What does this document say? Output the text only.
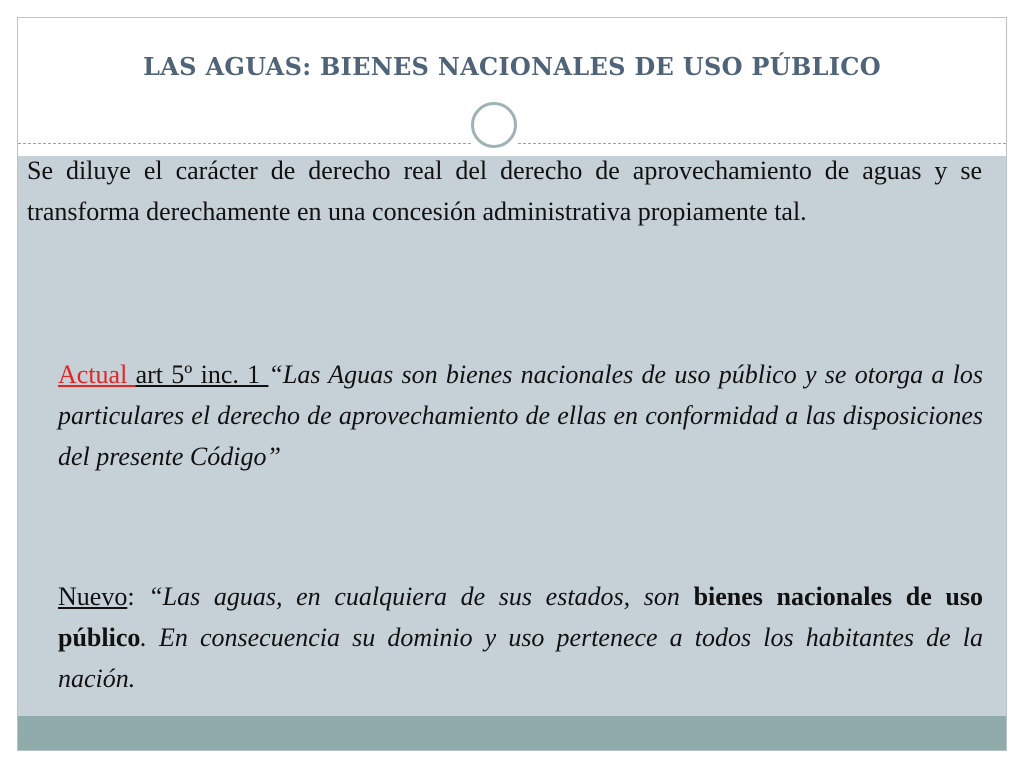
LAS AGUAS: BIENES NACIONALES DE USO PÚBLICO
Se diluye el carácter de derecho real del derecho de aprovechamiento de aguas y se transforma derechamente en una concesión administrativa propiamente tal.
Actual art 5º inc. 1 “Las Aguas son bienes nacionales de uso público y se otorga a los particulares el derecho de aprovechamiento de ellas en conformidad a las disposiciones del presente Código”
Nuevo: “Las aguas, en cualquiera de sus estados, son bienes nacionales de uso público. En consecuencia su dominio y uso pertenece a todos los habitantes de la nación.
